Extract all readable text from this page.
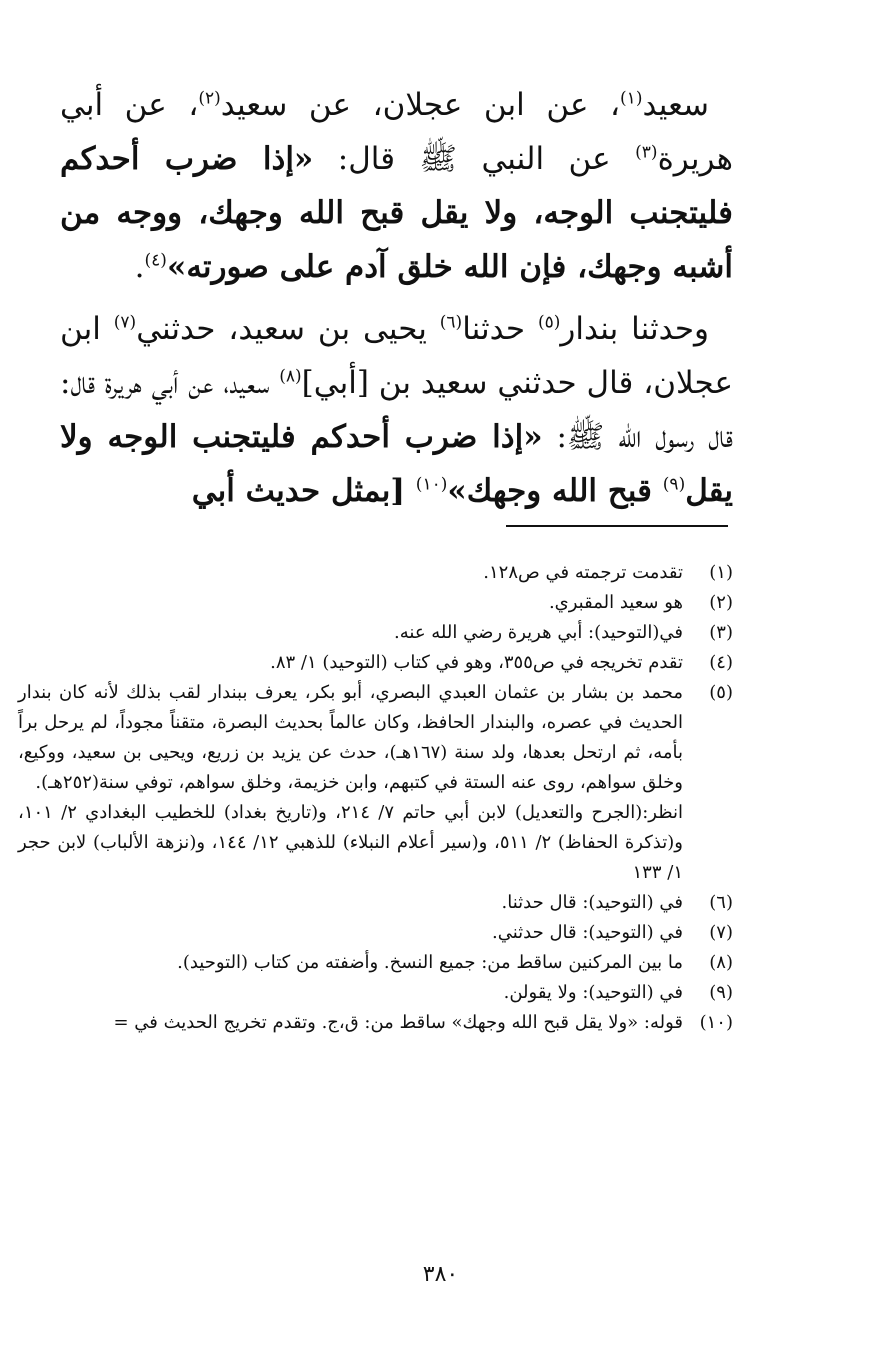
سعيد$^{(١)}$، عن ابن عجلان، عن سعيد$^{(٢)}$، عن أبي هريرة$^{(٣)}$ عن النبي ﷺ قال: «إذا ضرب أحدكم فليتجنب الوجه، ولا يقل قبح الله وجهك، ووجه من أشبه وجهك، فإن الله خلق آدم على صورته»$^{(٤)}$.

وحدثنا بندار$^{(٥)}$ حدثنا$^{(٦)}$ يحيى بن سعيد، حدثني$^{(٧)}$ ابن عجلان، قال حدثني سعيد بن [أبي]$^{(٨)}$ سعيد، عن أبي هريرة قال: قال رسول الله ﷺ: «إذا ضرب أحدكم فليتجنب الوجه ولا يقل$^{(٩)}$ قبح الله وجهك»$^{(١٠)}$ [بمثل حديث أبي

(١)
تقدمت ترجمته في ص١٢٨.
(٢)
هو سعيد المقبري.
(٣)
في(التوحيد): أبي هريرة رضي الله عنه.
(٤)
تقدم تخريجه في ص٣٥٥، وهو في كتاب (التوحيد) ١/ ٨٣.
(٥)
محمد بن بشار بن عثمان العبدي البصري، أبو بكر، يعرف ببندار لقب بذلك لأنه كان بندار الحديث في عصره، والبندار الحافظ، وكان عالماً بحديث البصرة، متقناً مجوداً، لم يرحل براً بأمه، ثم ارتحل بعدها، ولد سنة (١٦٧هـ)، حدث عن يزيد بن زريع، ويحيى بن سعيد، ووكيع، وخلق سواهم، روى عنه الستة في كتبهم، وابن خزيمة، وخلق سواهم، توفي سنة(٢٥٢هـ).
انظر:(الجرح والتعديل) لابن أبي حاتم ٧/ ٢١٤، و(تاريخ بغداد) للخطيب البغدادي ٢/ ١٠١، و(تذكرة الحفاظ) ٢/ ٥١١، و(سير أعلام النبلاء) للذهبي ١٢/ ١٤٤، و(نزهة الألباب) لابن حجر ١/ ١٣٣
(٦)
في (التوحيد): قال حدثنا.
(٧)
في (التوحيد): قال حدثني.
(٨)
ما بين المركنين ساقط من: جميع النسخ. وأضفته من كتاب (التوحيد).
(٩)
في (التوحيد): ولا يقولن.
(١٠)
قوله: «ولا يقل قبح الله وجهك» ساقط من: ق،ج. وتقدم تخريج الحديث في =
٣٨٠
